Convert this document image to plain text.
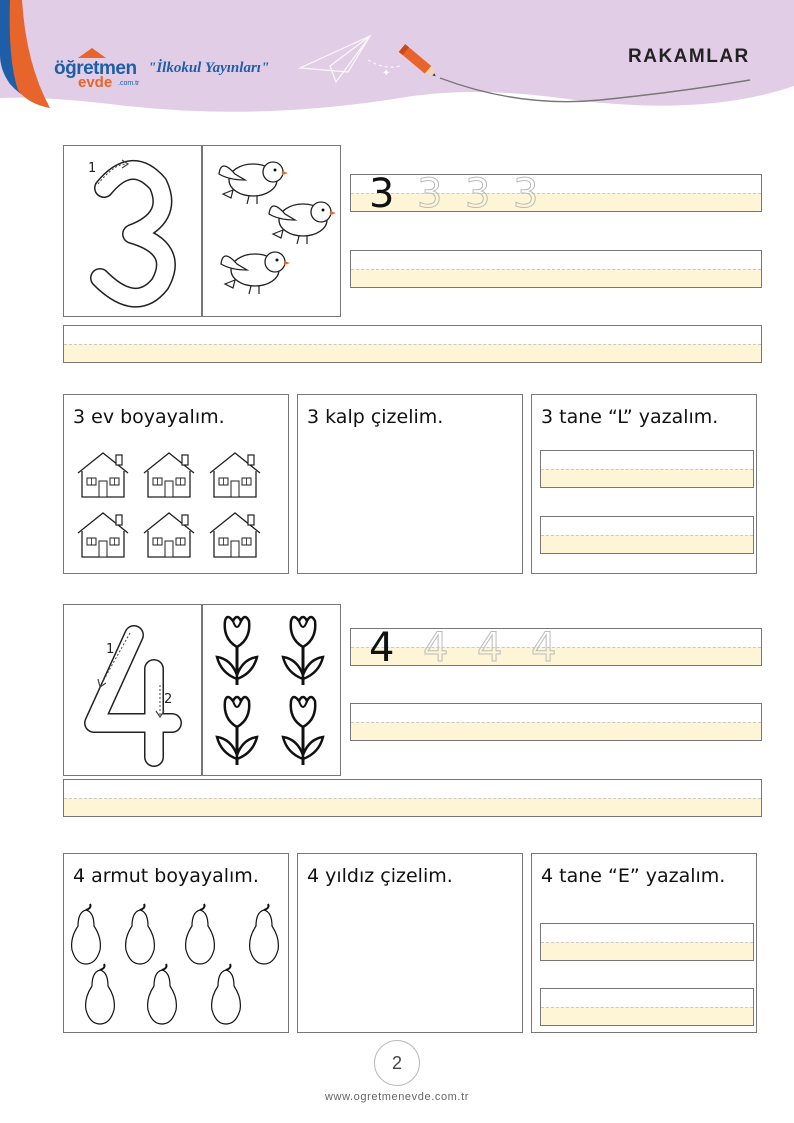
✦
öğretmen
evde .com.tr
"İlkokul Yayınları"
RAKAMLAR
1
3 3 3 3
3 ev boyayalım.	3 kalp çizelim.	3 tane “L” yazalım.
1
2
4 4 4 4
4 armut boyayalım.	4 yıldız çizelim.	4 tane “E” yazalım.
2
www.ogretmenevde.com.tr
